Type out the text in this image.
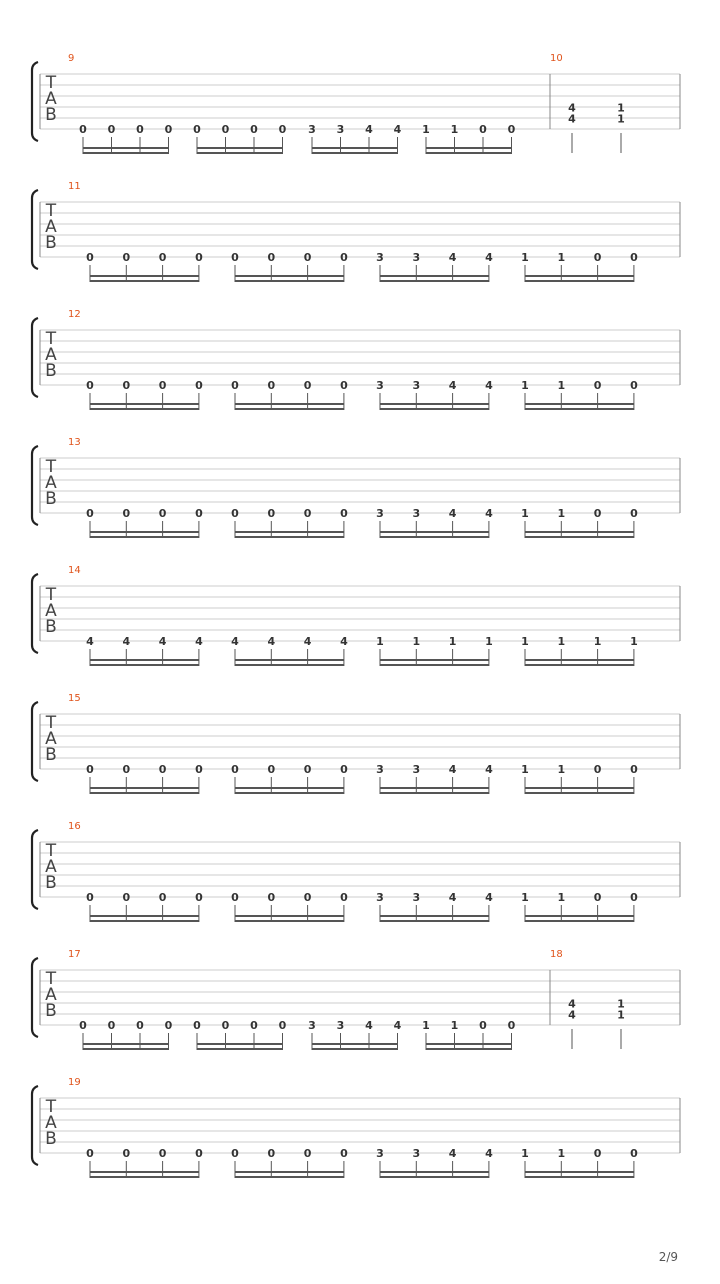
T
A
B
9
0 0 0 0 0 0 0 0 3 3 4 4 1 1 0 0
10
4
4
1
1
T
A
B
11
0	0	0	0	0	0	0	0	3	3	4	4	1	1	0	0
T
A
B
12
0	0	0	0	0	0	0	0	3	3	4	4	1	1	0	0
T
A
B
13
0	0	0	0	0	0	0	0	3	3	4	4	1	1	0	0
T
A
B
14
4	4	4	4	4	4	4	4	1	1	1	1	1	1	1	1
T
A
B
15
0	0	0	0	0	0	0	0	3	3	4	4	1	1	0	0
T
A
B
16
0	0	0	0	0	0	0	0	3	3	4	4	1	1	0	0
T
A
B
17
0 0 0 0 0 0 0 0 3 3 4 4 1 1 0 0
18
4
4
1
1
T
A
B
19
0	0	0	0	0	0	0	0	3	3	4	4	1	1	0	0
2/9
